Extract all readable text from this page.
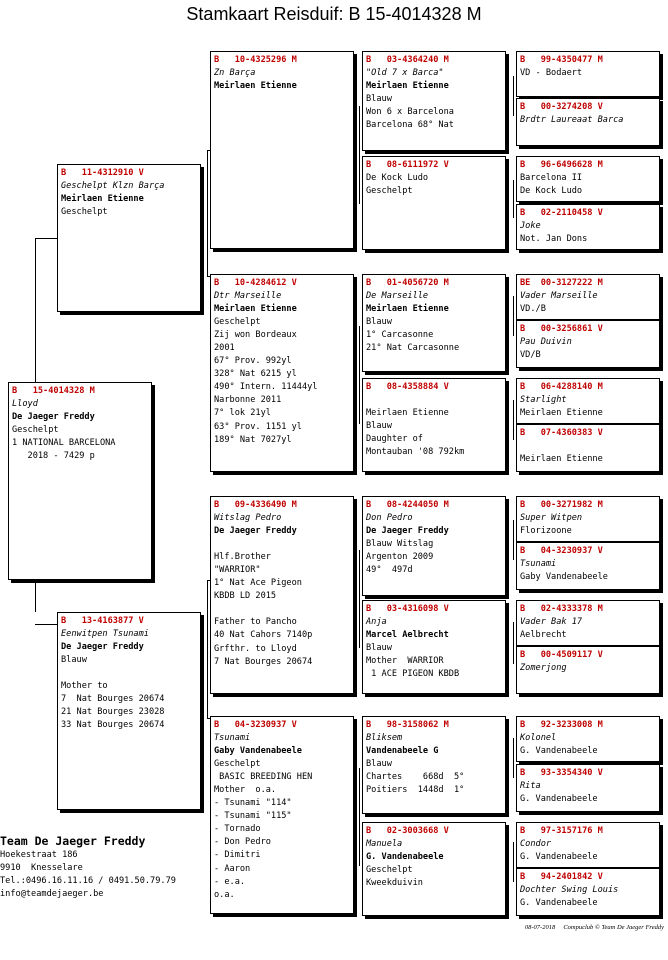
Stamkaart Reisduif: B 15-4014328 M
B   15-4014328 M
Lloyd
De Jaeger Freddy
Geschelpt
1 NATIONAL BARCELONA
2018 - 7429 p
B   11-4312910 V
Geschelpt Klzn Barça
Meirlaen Etienne
Geschelpt
B   13-4163877 V
Eenwitpen Tsunami
De Jaeger Freddy
Blauw

Mother to
7  Nat Bourges 20674
21 Nat Bourges 23028
33 Nat Bourges 20674
B   10-4325296 M
Zn Barça
Meirlaen Etienne
B   10-4284612 V
Dtr Marseille
Meirlaen Etienne
Geschelpt
Zij won Bordeaux
2001
67° Prov. 992yl
328° Nat 6215 yl
490° Intern. 11444yl
Narbonne 2011
7° lok 21yl
63° Prov. 1151 yl
189° Nat 7027yl
B   09-4336490 M
Witslag Pedro
De Jaeger Freddy

Hlf.Brother
"WARRIOR"
1° Nat Ace Pigeon
KBDB LD 2015

Father to Pancho
40 Nat Cahors 7140p
Grfthr. to Lloyd
7 Nat Bourges 20674
B   04-3230937 V
Tsunami
Gaby Vandenabeele
Geschelpt
BASIC BREEDING HEN
Mother  o.a.
- Tsunami "114"
- Tsunami "115"
- Tornado
- Don Pedro
- Dimitri
- Aaron
- e.a.
o.a.
B   03-4364240 M
"Old 7 x Barca"
Meirlaen Etienne
Blauw
Won 6 x Barcelona
Barcelona 68° Nat
B   08-6111972 V
De Kock Ludo
Geschelpt
B   01-4056720 M
De Marseille
Meirlaen Etienne
Blauw
1° Carcasonne
21° Nat Carcasonne
B   08-4358884 V

Meirlaen Etienne
Blauw
Daughter of
Montauban '08 792km
B   08-4244050 M
Don Pedro
De Jaeger Freddy
Blauw Witslag
Argenton 2009
49°  497d
B   03-4316098 V
Anja
Marcel Aelbrecht
Blauw
Mother  WARRIOR
1 ACE PIGEON KBDB
B   98-3158062 M
Bliksem
Vandenabeele G
Blauw
Chartes    668d  5°
Poitiers  1448d  1°
B   02-3003668 V
Manuela
G. Vandenabeele
Geschelpt
Kweekduivin
B   99-4350477 M
VD - Bodaert
B   00-3274208 V
Brdtr Laureaat Barca
B   96-6496628 M
Barcelona II
De Kock Ludo
B   02-2110458 V
Joke
Not. Jan Dons
BE  00-3127222 M
Vader Marseille
VD./B
B   00-3256861 V
Pau Duivin
VD/B
B   06-4288140 M
Starlight
Meirlaen Etienne
B   07-4360383 V

Meirlaen Etienne
B   00-3271982 M
Super Witpen
Florizoone
B   04-3230937 V
Tsunami
Gaby Vandenabeele
B   02-4333378 M
Vader Bak 17
Aelbrecht
B   00-4509117 V
Zomerjong
B   92-3233008 M
Kolonel
G. Vandenabeele
B   93-3354340 V
Rita
G. Vandenabeele
B   97-3157176 M
Condor
G. Vandenabeele
B   94-2401842 V
Dochter Swing Louis
G. Vandenabeele
Team De Jaeger Freddy
Hoekestraat 186
9910  Knesselare
Tel.:0496.16.11.16 / 0491.50.79.79
info@teamdejaeger.be
08-07-2018     Compuclub © Team De Jaeger Freddy
